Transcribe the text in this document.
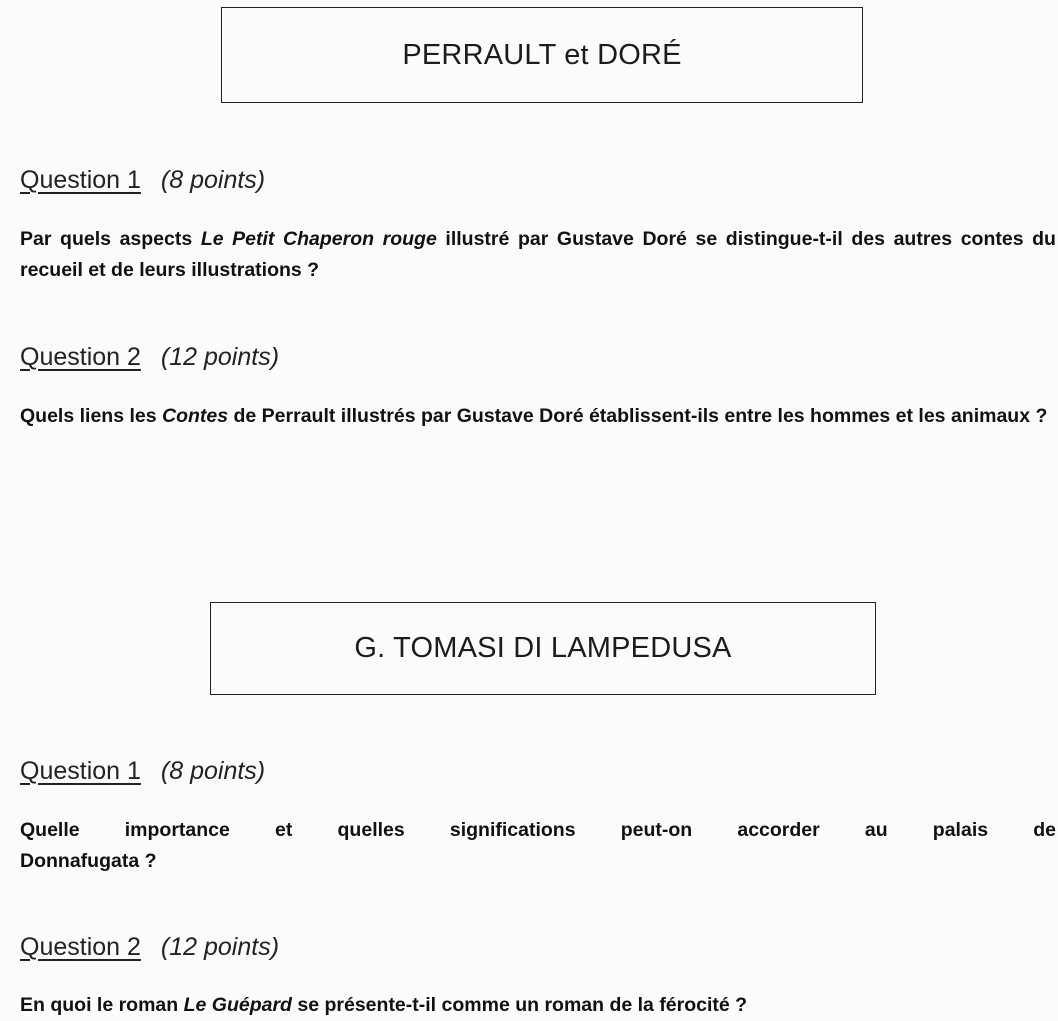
PERRAULT et DORÉ
Question 1 (8 points)
Par quels aspects Le Petit Chaperon rouge illustré par Gustave Doré se distingue-t-il des autres contes du recueil et de leurs illustrations ?
Question 2 (12 points)
Quels liens les Contes de Perrault illustrés par Gustave Doré établissent-ils entre les hommes et les animaux ?
G. TOMASI DI LAMPEDUSA
Question 1 (8 points)
Quelle importance et quelles significations peut-on accorder au palais de
Donnafugata ?
Question 2 (12 points)
En quoi le roman Le Guépard se présente-t-il comme un roman de la férocité ?
